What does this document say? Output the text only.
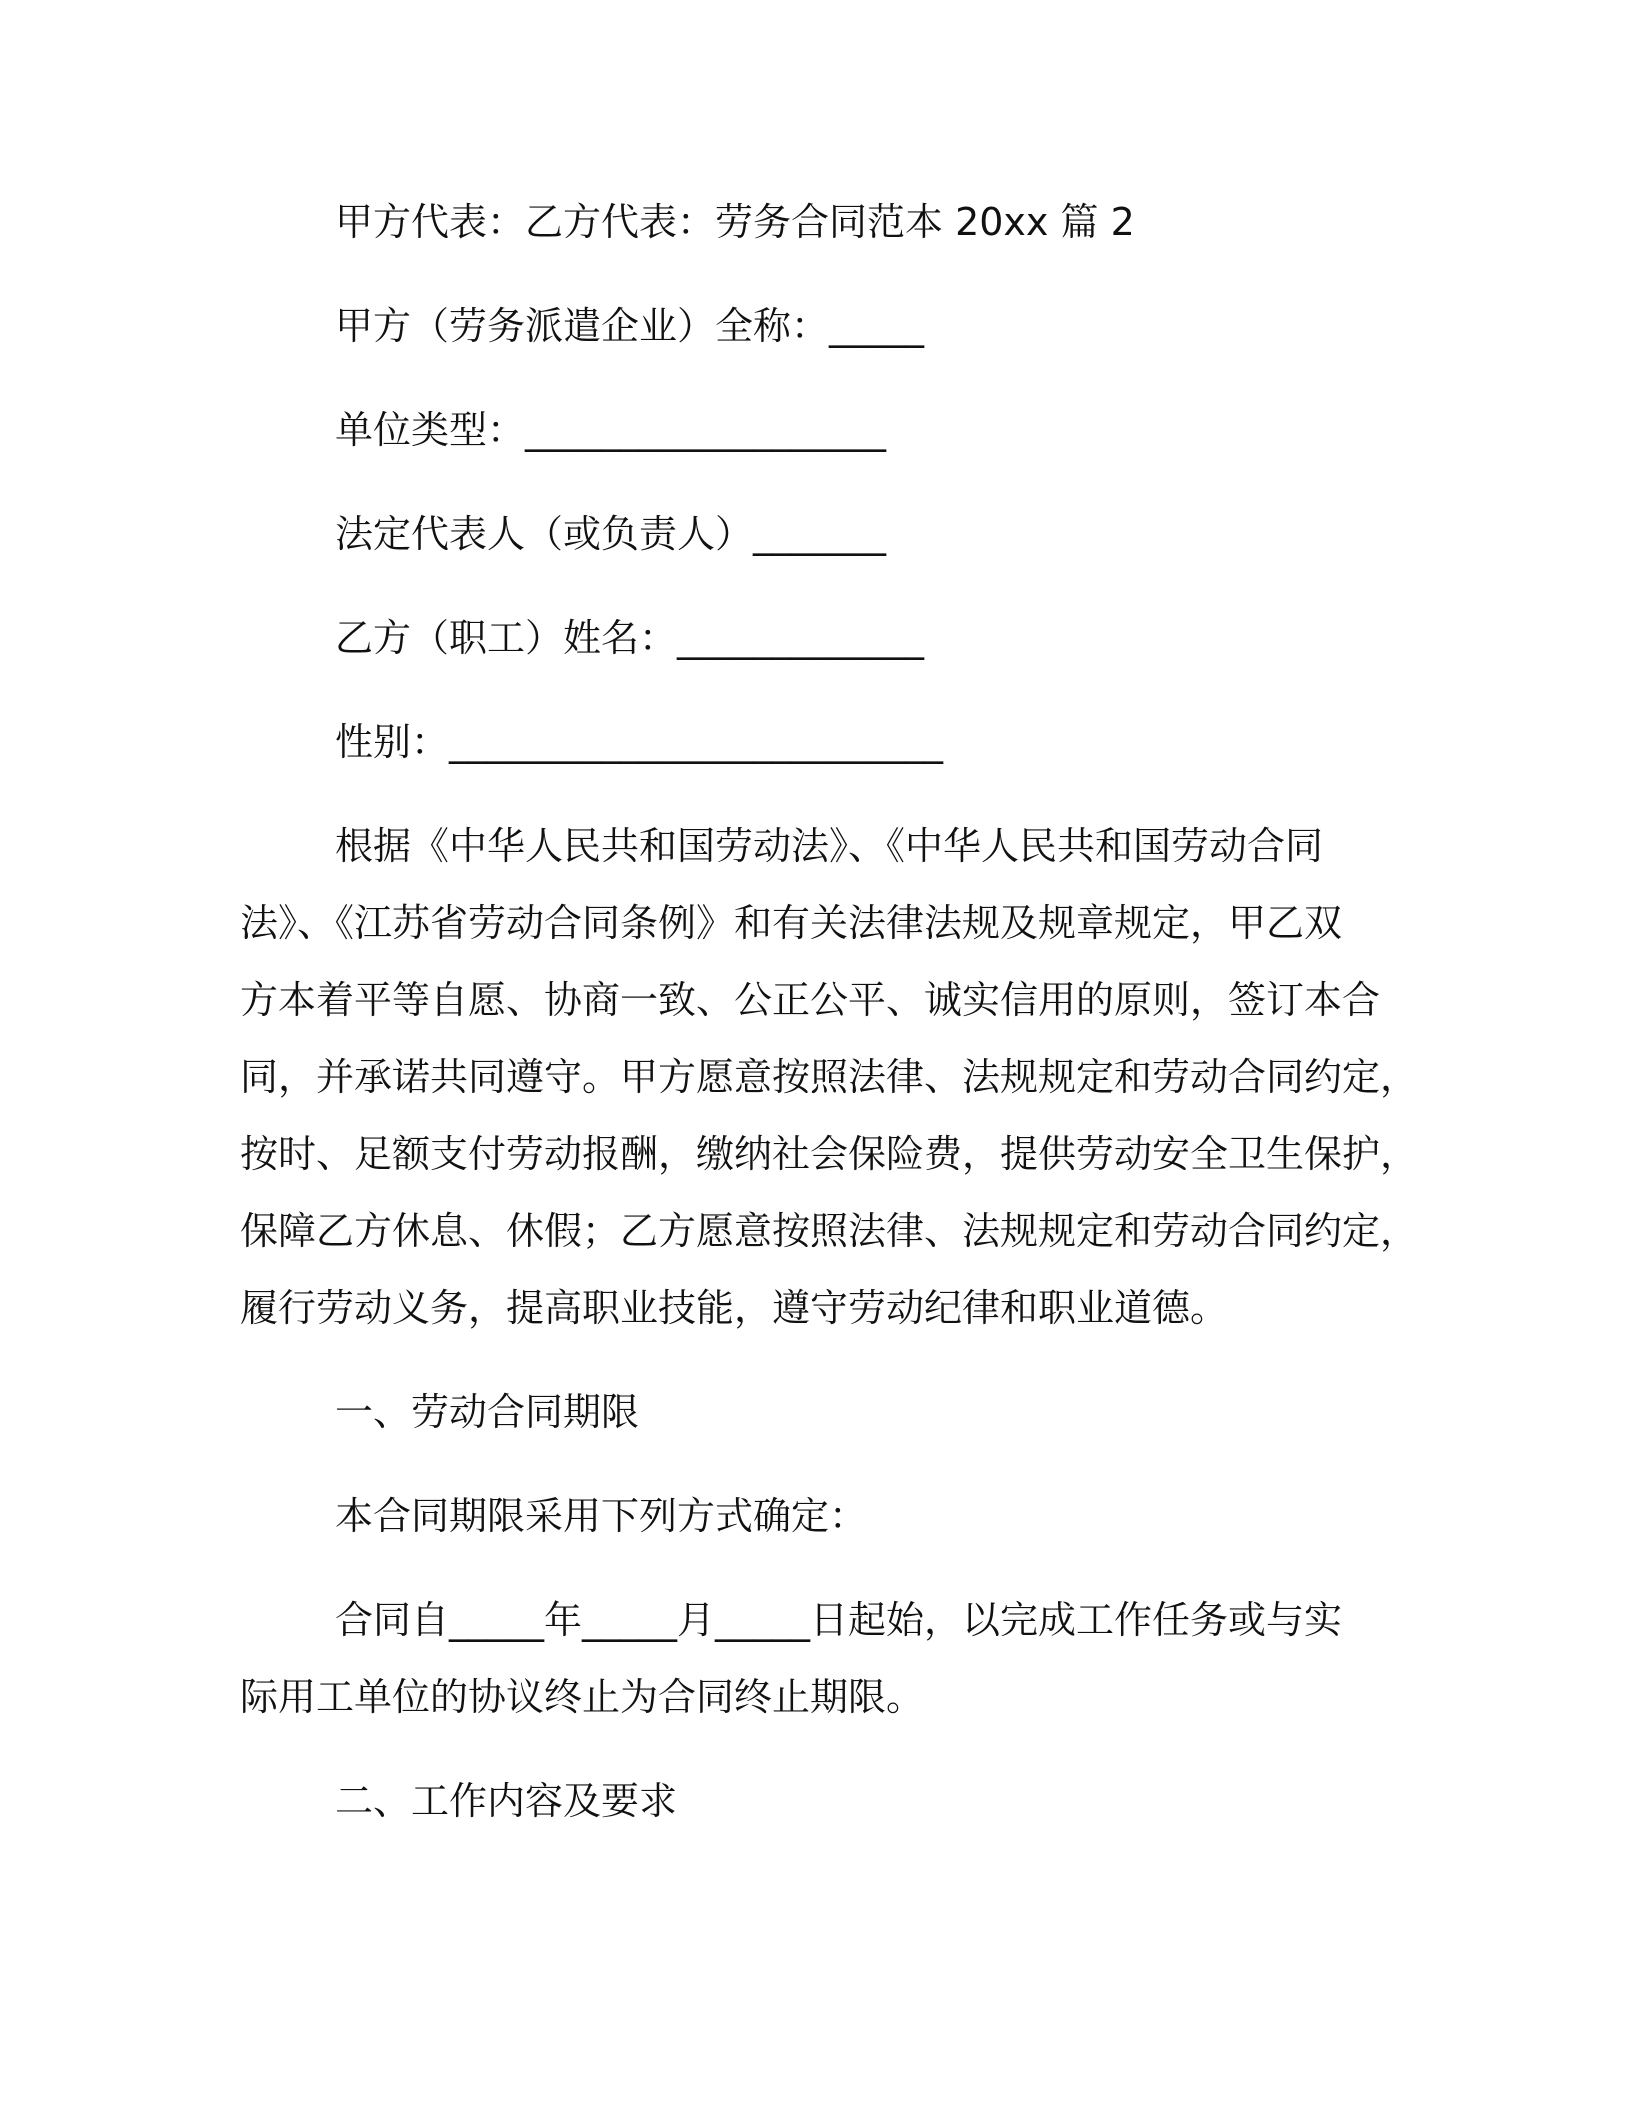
甲方代表：乙方代表：劳务合同范本 20xx 篇 2

甲方（劳务派遣企业）全称：_____

单位类型：___________________

法定代表人（或负责人）_______

乙方（职工）姓名：_____________

性别：__________________________

根据《中华人民共和国劳动法》、《中华人民共和国劳动合同

法》、《江苏省劳动合同条例》和有关法律法规及规章规定，甲乙双

方本着平等自愿、协商一致、公正公平、诚实信用的原则，签订本合

同，并承诺共同遵守。甲方愿意按照法律、法规规定和劳动合同约定，

按时、足额支付劳动报酬，缴纳社会保险费，提供劳动安全卫生保护，

保障乙方休息、休假；乙方愿意按照法律、法规规定和劳动合同约定，

履行劳动义务，提高职业技能，遵守劳动纪律和职业道德。

一、劳动合同期限

本合同期限采用下列方式确定：

合同自_____年_____月_____日起始，以完成工作任务或与实

际用工单位的协议终止为合同终止期限。

二、工作内容及要求
